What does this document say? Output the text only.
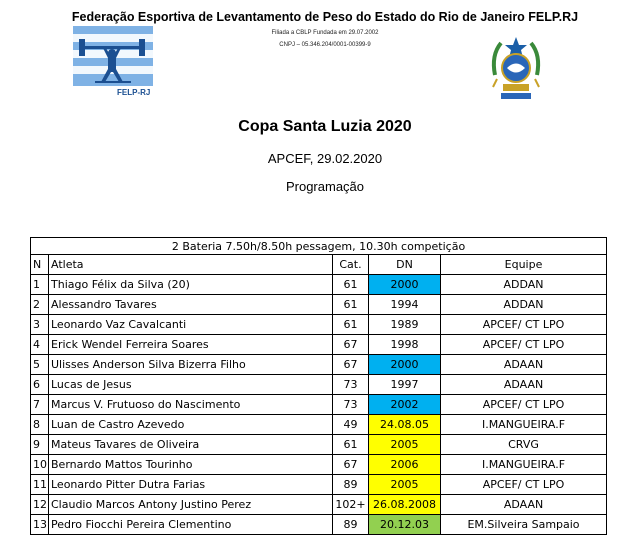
Federação Esportiva de Levantamento de Peso do Estado do Rio de Janeiro FELP.RJ
Filiada a CBLP Fundada em 29.07.2002
CNPJ – 05.346.204/0001-00399-9
FELP-RJ
Copa Santa Luzia 2020
APCEF, 29.02.2020
Programação
2 Bateria 7.50h/8.50h pessagem, 10.30h competição				
N	Atleta	Cat.	DN	Equipe
1	Thiago Félix da Silva (20)	61	2000	ADDAN
2	Alessandro Tavares	61	1994	ADDAN
3	Leonardo Vaz Cavalcanti	61	1989	APCEF/ CT LPO
4	Erick Wendel Ferreira Soares	67	1998	APCEF/ CT LPO
5	Ulisses Anderson Silva Bizerra Filho	67	2000	ADAAN
6	Lucas de Jesus	73	1997	ADAAN
7	Marcus V. Frutuoso do Nascimento	73	2002	APCEF/ CT LPO
8	Luan de Castro Azevedo	49	24.08.05	I.MANGUEIRA.F
9	Mateus Tavares de Oliveira	61	2005	CRVG
10	Bernardo Mattos Tourinho	67	2006	I.MANGUEIRA.F
11	Leonardo Pitter Dutra Farias	89	2005	APCEF/ CT LPO
12	Claudio Marcos Antony Justino Perez	102+	26.08.2008	ADAAN
13	Pedro Fiocchi Pereira Clementino	89	20.12.03	EM.Silveira Sampaio
